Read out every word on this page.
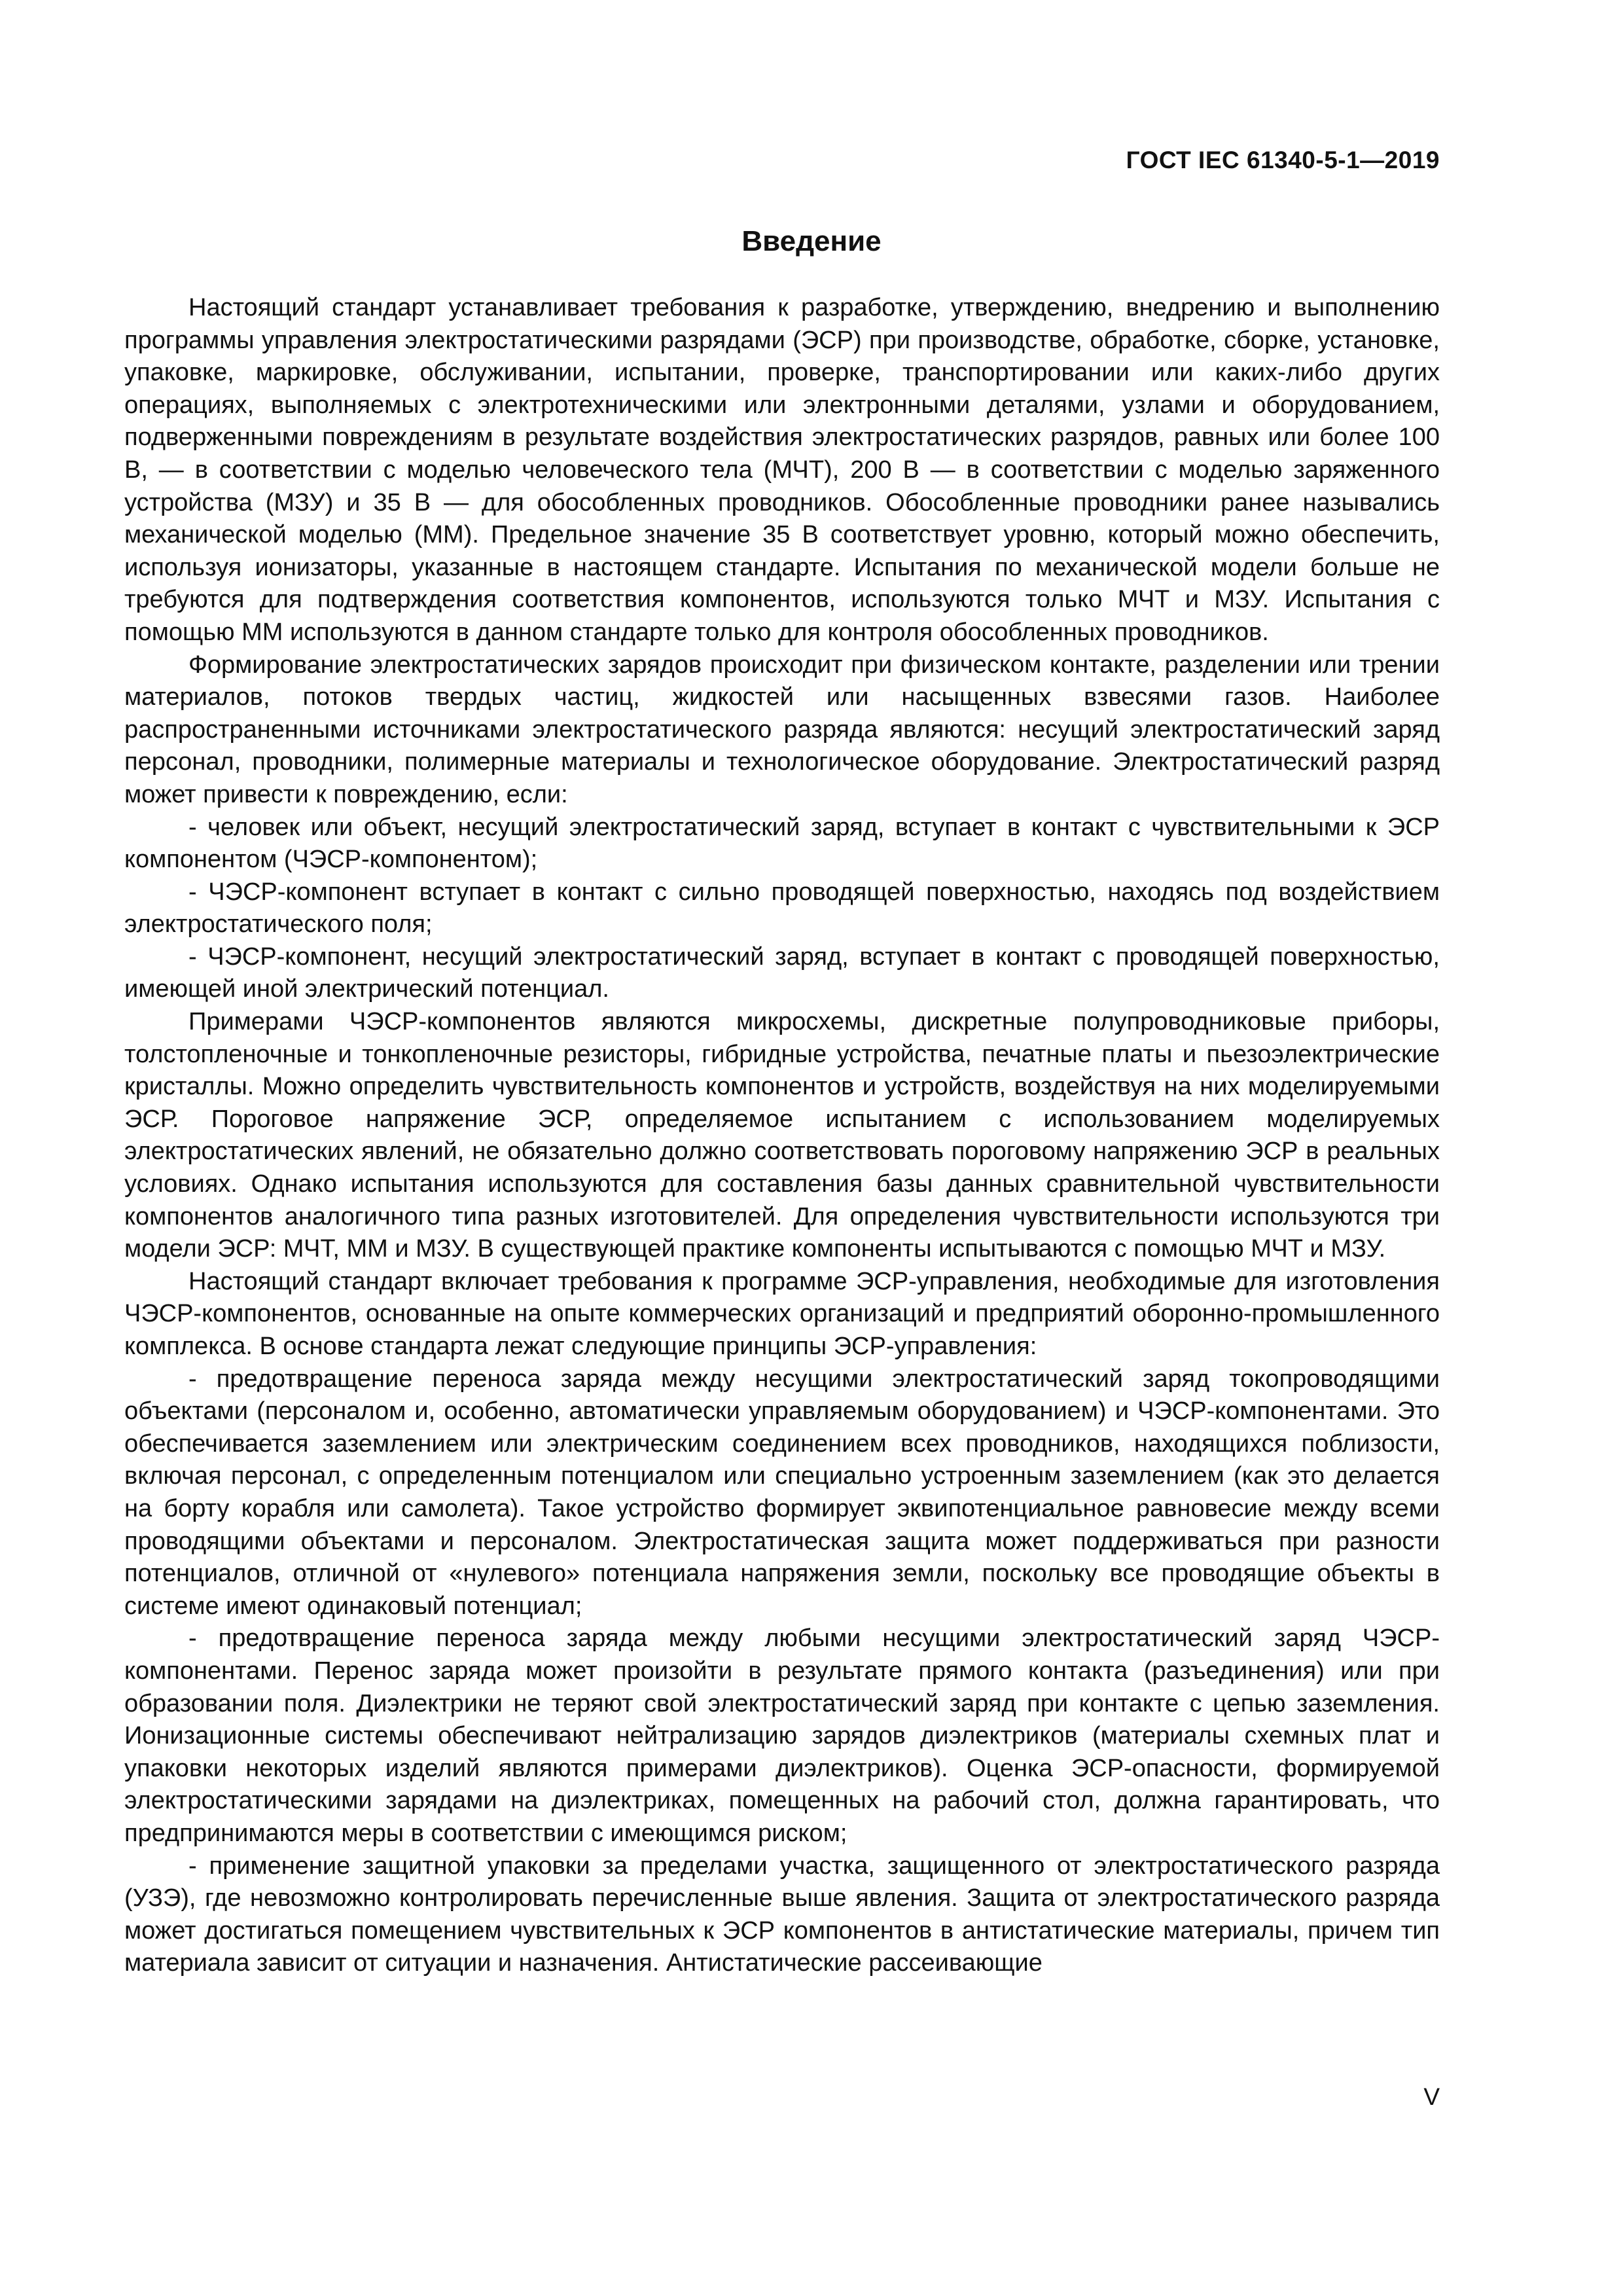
ГОСТ IEC 61340-5-1—2019

Введение

Настоящий стандарт устанавливает требования к разработке, утверждению, внедрению и выполнению программы управления электростатическими разрядами (ЭСР) при производстве, обработке, сборке, установке, упаковке, маркировке, обслуживании, испытании, проверке, транспортировании или каких-либо других операциях, выполняемых с электротехническими или электронными деталями, узлами и оборудованием, подверженными повреждениям в результате воздействия электростатических разрядов, равных или более 100 В, — в соответствии с моделью человеческого тела (МЧТ), 200 В — в соответствии с моделью заряженного устройства (МЗУ) и 35 В — для обособленных проводников. Обособленные проводники ранее назывались механической моделью (ММ). Предельное значение 35 В соответствует уровню, который можно обеспечить, используя ионизаторы, указанные в настоящем стандарте. Испытания по механической модели больше не требуются для подтверждения соответствия компонентов, используются только МЧТ и МЗУ. Испытания с помощью ММ используются в данном стандарте только для контроля обособленных проводников.

Формирование электростатических зарядов происходит при физическом контакте, разделении или трении материалов, потоков твердых частиц, жидкостей или насыщенных взвесями газов. Наиболее распространенными источниками электростатического разряда являются: несущий электростатический заряд персонал, проводники, полимерные материалы и технологическое оборудование. Электростатический разряд может привести к повреждению, если:

- человек или объект, несущий электростатический заряд, вступает в контакт с чувствительными к ЭСР компонентом (ЧЭСР-компонентом);

- ЧЭСР-компонент вступает в контакт с сильно проводящей поверхностью, находясь под воздействием электростатического поля;

- ЧЭСР-компонент, несущий электростатический заряд, вступает в контакт с проводящей поверхностью, имеющей иной электрический потенциал.

Примерами ЧЭСР-компонентов являются микросхемы, дискретные полупроводниковые приборы, толстопленочные и тонкопленочные резисторы, гибридные устройства, печатные платы и пьезоэлектрические кристаллы. Можно определить чувствительность компонентов и устройств, воздействуя на них моделируемыми ЭСР. Пороговое напряжение ЭСР, определяемое испытанием с использованием моделируемых электростатических явлений, не обязательно должно соответствовать пороговому напряжению ЭСР в реальных условиях. Однако испытания используются для составления базы данных сравнительной чувствительности компонентов аналогичного типа разных изготовителей. Для определения чувствительности используются три модели ЭСР: МЧТ, ММ и МЗУ. В существующей практике компоненты испытываются с помощью МЧТ и МЗУ.

Настоящий стандарт включает требования к программе ЭСР-управления, необходимые для изготовления ЧЭСР-компонентов, основанные на опыте коммерческих организаций и предприятий оборонно-промышленного комплекса. В основе стандарта лежат следующие принципы ЭСР-управления:

- предотвращение переноса заряда между несущими электростатический заряд токопроводящими объектами (персоналом и, особенно, автоматически управляемым оборудованием) и ЧЭСР-компонентами. Это обеспечивается заземлением или электрическим соединением всех проводников, находящихся поблизости, включая персонал, с определенным потенциалом или специально устроенным заземлением (как это делается на борту корабля или самолета). Такое устройство формирует эквипотенциальное равновесие между всеми проводящими объектами и персоналом. Электростатическая защита может поддерживаться при разности потенциалов, отличной от «нулевого» потенциала напряжения земли, поскольку все проводящие объекты в системе имеют одинаковый потенциал;

- предотвращение переноса заряда между любыми несущими электростатический заряд ЧЭСР-компонентами. Перенос заряда может произойти в результате прямого контакта (разъединения) или при образовании поля. Диэлектрики не теряют свой электростатический заряд при контакте с цепью заземления. Ионизационные системы обеспечивают нейтрализацию зарядов диэлектриков (материалы схемных плат и упаковки некоторых изделий являются примерами диэлектриков). Оценка ЭСР-опасности, формируемой электростатическими зарядами на диэлектриках, помещенных на рабочий стол, должна гарантировать, что предпринимаются меры в соответствии с имеющимся риском;

- применение защитной упаковки за пределами участка, защищенного от электростатического разряда (УЗЭ), где невозможно контролировать перечисленные выше явления. Защита от электростатического разряда может достигаться помещением чувствительных к ЭСР компонентов в антистатические материалы, причем тип материала зависит от ситуации и назначения. Антистатические рассеивающие

V
